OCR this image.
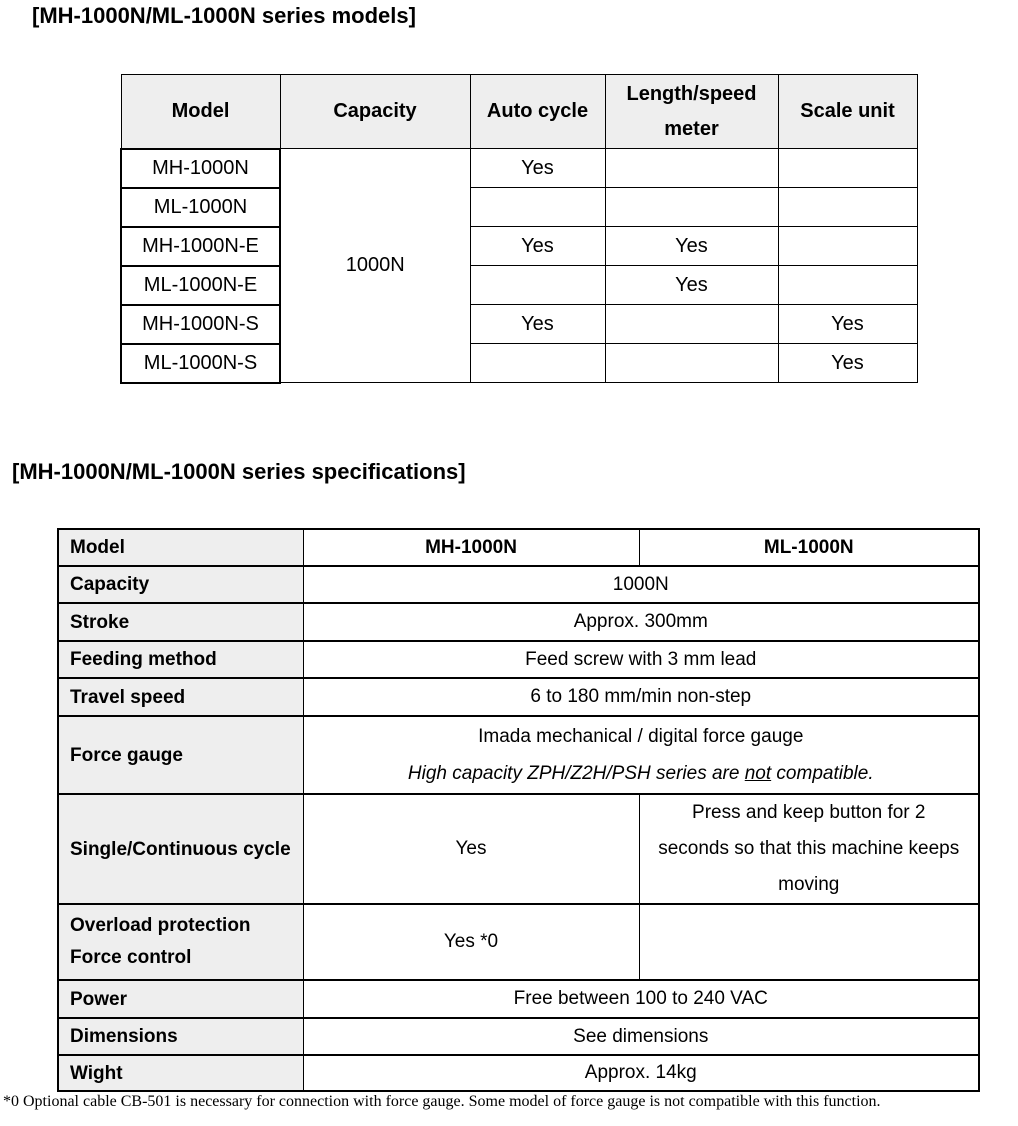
[MH-1000N/ML-1000N series models]
Model	Capacity	Auto cycle	Length/speed meter	Scale unit
MH-1000N	1000N	Yes		
ML-1000N				
MH-1000N-E		Yes	Yes	
ML-1000N-E			Yes	
MH-1000N-S		Yes		Yes
ML-1000N-S				Yes
[MH-1000N/ML-1000N series specifications]
Model	MH-1000N	ML-1000N
Capacity	1000N	
Stroke	Approx. 300mm	
Feeding method	Feed screw with 3 mm lead	
Travel speed	6 to 180 mm/min non-step	
Force gauge	Imada mechanical / digital force gauge
High capacity ZPH/Z2H/PSH series are not compatible.	

Single/Continuous cycle	Yes	Press and keep button for 2
seconds so that this machine keeps
moving

Overload protection
Force control	Yes *0	
Power	Free between 100 to 240 VAC	
Dimensions	See dimensions	
Wight	Approx. 14kg	

*0 Optional cable CB-501 is necessary for connection with force gauge. Some model of force gauge is not compatible with this function.
